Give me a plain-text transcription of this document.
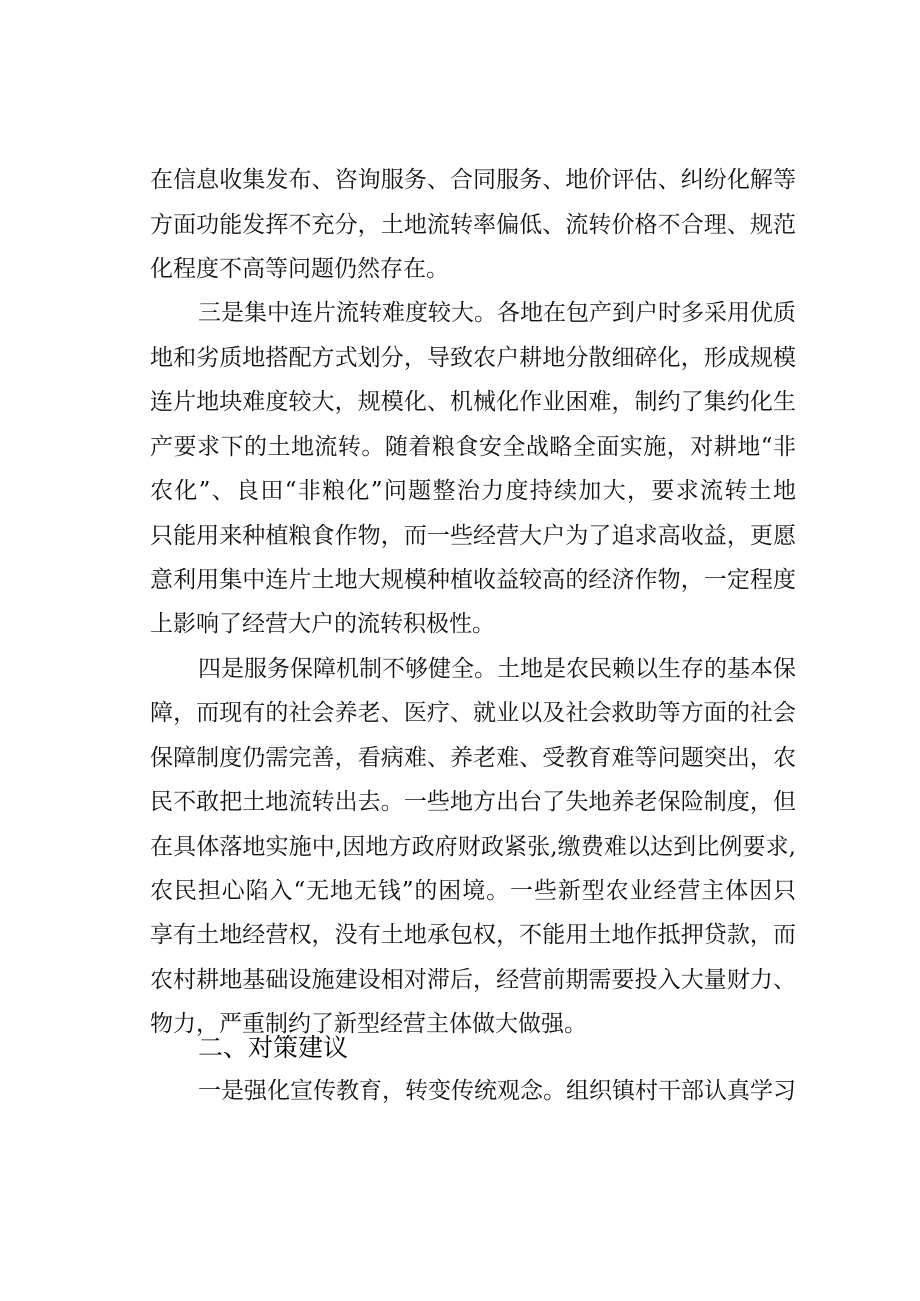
在信息收集发布、咨询服务、合同服务、地价评估、纠纷化解等
方面功能发挥不充分，土地流转率偏低、流转价格不合理、规范
化程度不高等问题仍然存在。
三是集中连片流转难度较大。各地在包产到户时多采用优质
地和劣质地搭配方式划分，导致农户耕地分散细碎化，形成规模
连片地块难度较大，规模化、机械化作业困难，制约了集约化生
产要求下的土地流转。随着粮食安全战略全面实施，对耕地“非
农化”、良田“非粮化”问题整治力度持续加大，要求流转土地
只能用来种植粮食作物，而一些经营大户为了追求高收益，更愿
意利用集中连片土地大规模种植收益较高的经济作物，一定程度
上影响了经营大户的流转积极性。
四是服务保障机制不够健全。土地是农民赖以生存的基本保
障，而现有的社会养老、医疗、就业以及社会救助等方面的社会
保障制度仍需完善，看病难、养老难、受教育难等问题突出，农
民不敢把土地流转出去。一些地方出台了失地养老保险制度，但
在具体落地实施中,因地方政府财政紧张,缴费难以达到比例要求,
农民担心陷入“无地无钱”的困境。一些新型农业经营主体因只
享有土地经营权，没有土地承包权，不能用土地作抵押贷款，而
农村耕地基础设施建设相对滞后，经营前期需要投入大量财力、
物力，严重制约了新型经营主体做大做强。
二、对策建议
一是强化宣传教育，转变传统观念。组织镇村干部认真学习
